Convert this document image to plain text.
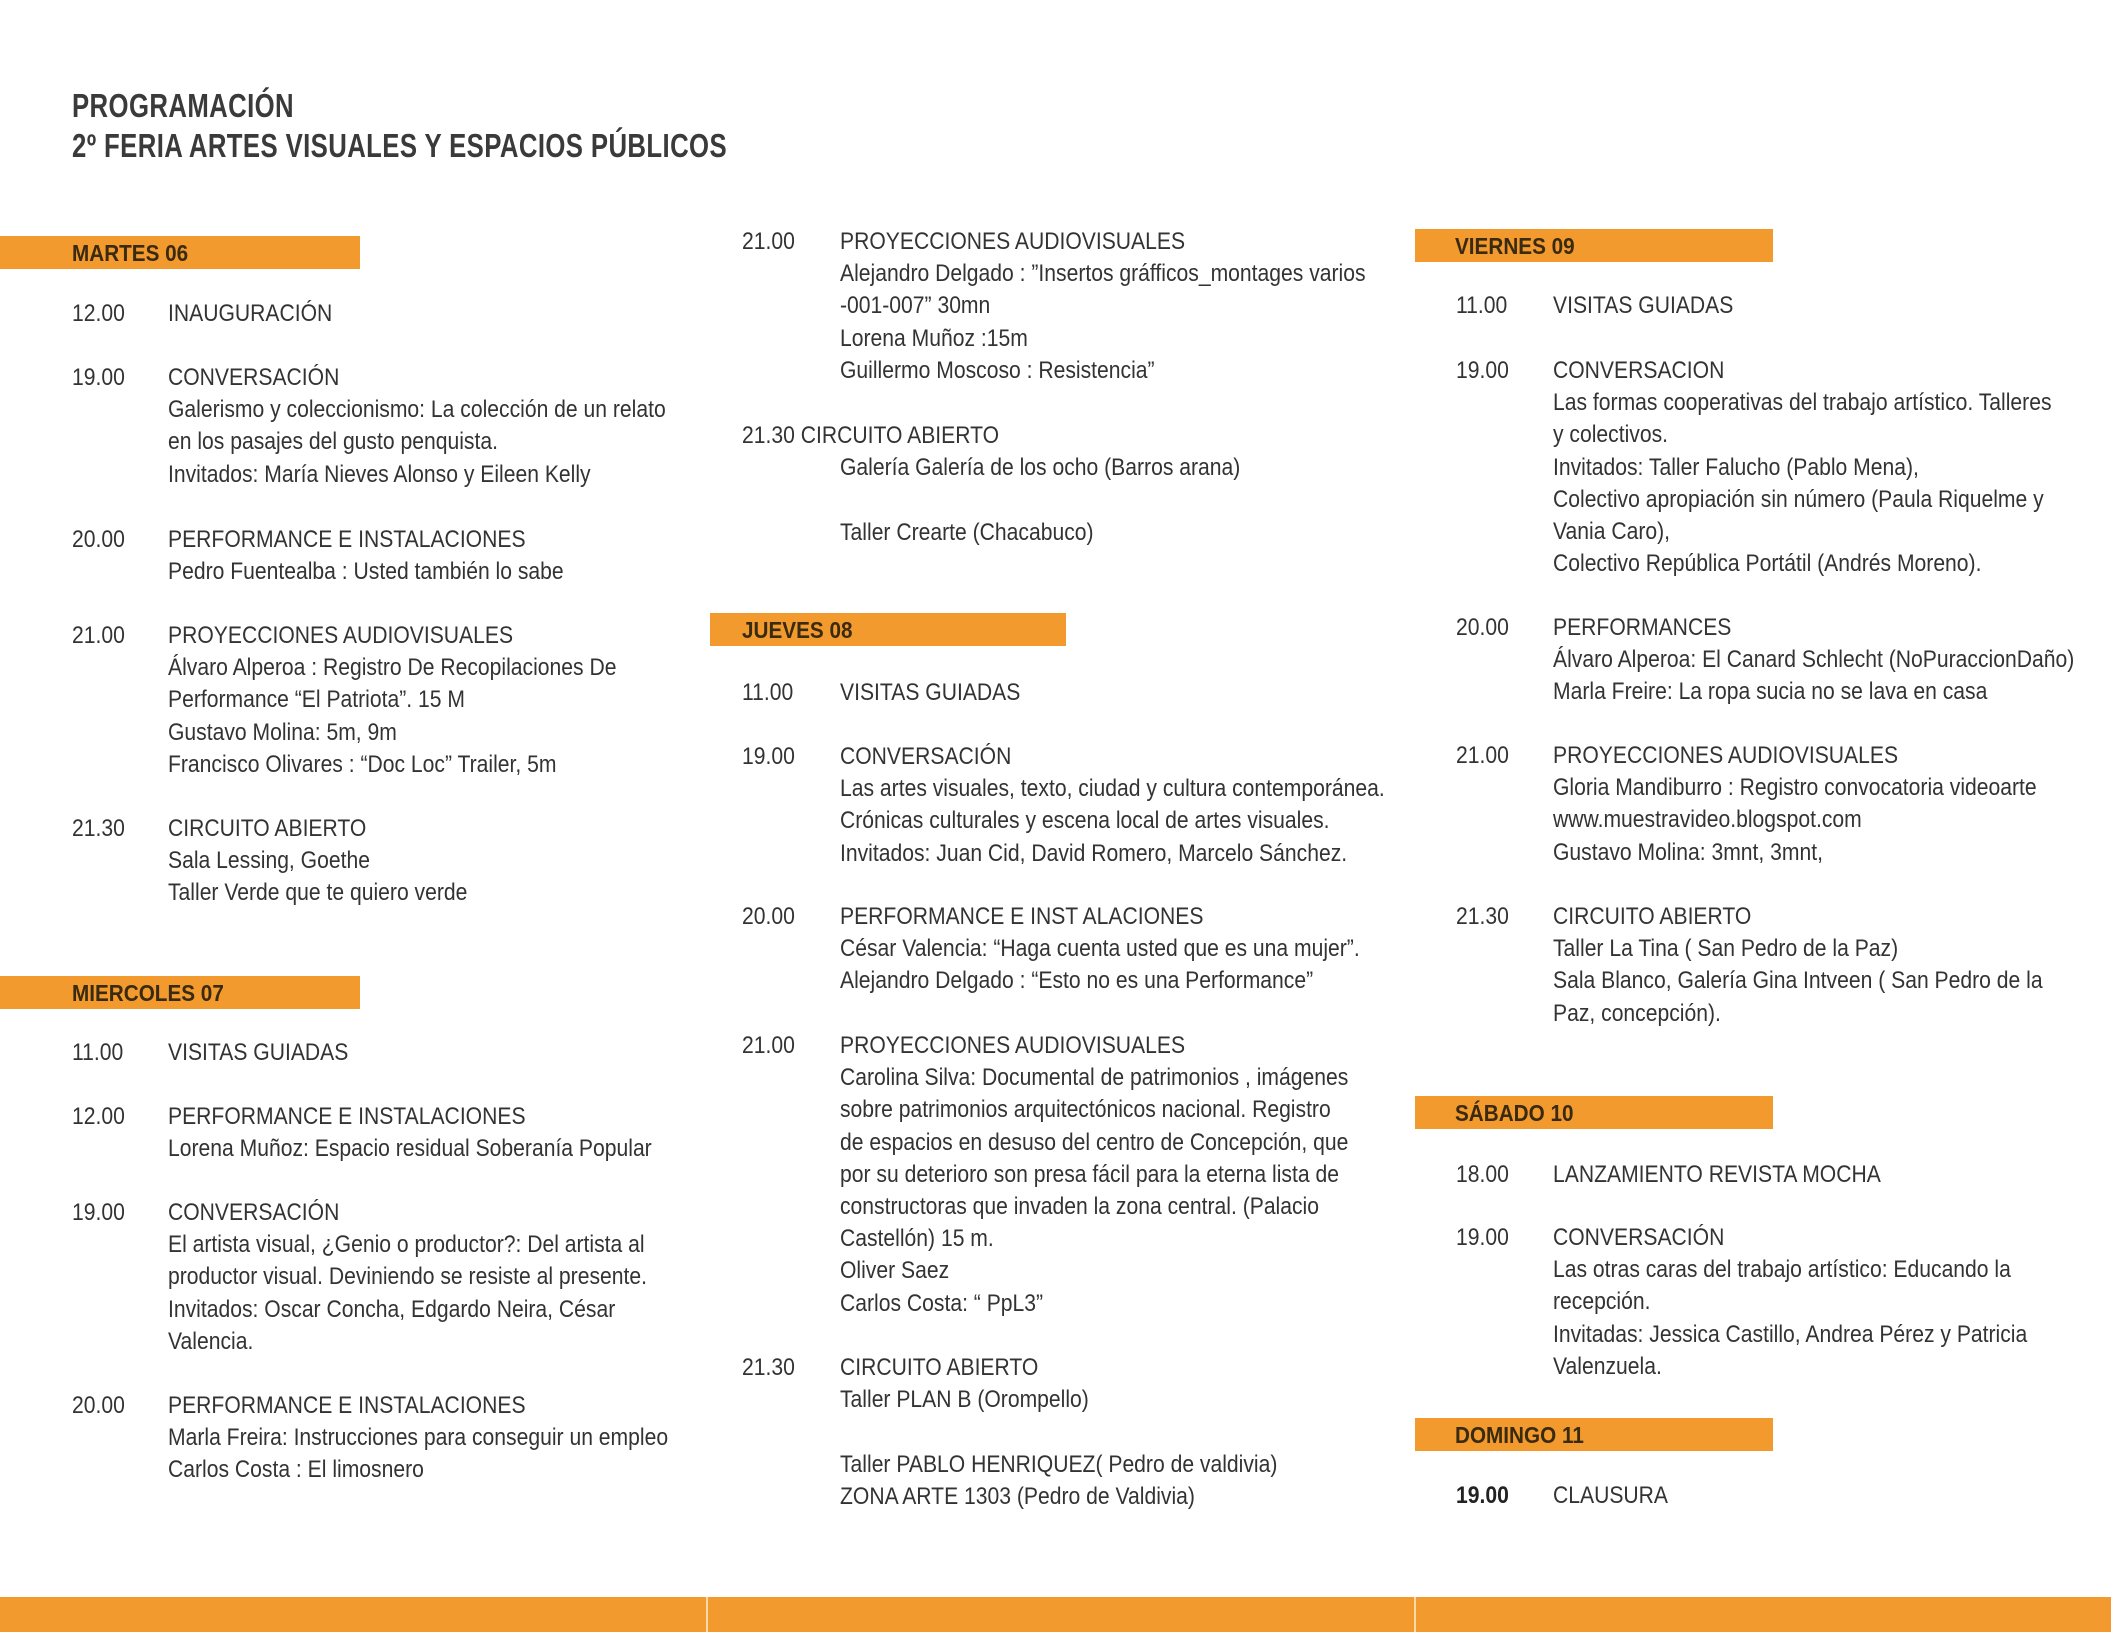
PROGRAMACIÓN
2º FERIA ARTES VISUALES Y ESPACIOS PÚBLICOS
MARTES 06
MIERCOLES 07
JUEVES 08
VIERNES 09
SÁBADO 10
DOMINGO 11
12.00 INAUGURACIÓN
19.00 CONVERSACIÓN
Galerismo y coleccionismo: La colección de un relato
en los pasajes del gusto penquista.
Invitados: María Nieves Alonso y Eileen Kelly
20.00 PERFORMANCE E INSTALACIONES
Pedro Fuentealba : Usted también lo sabe
21.00 PROYECCIONES AUDIOVISUALES
Álvaro Alperoa : Registro De Recopilaciones De
Performance “El Patriota”. 15 M
Gustavo Molina: 5m, 9m
Francisco Olivares : “Doc Loc” Trailer, 5m
21.30 CIRCUITO ABIERTO
Sala Lessing, Goethe
Taller Verde que te quiero verde
11.00 VISITAS GUIADAS
12.00 PERFORMANCE E INSTALACIONES
Lorena Muñoz: Espacio residual Soberanía Popular
19.00 CONVERSACIÓN
El artista visual, ¿Genio o productor?: Del artista al
productor visual. Deviniendo se resiste al presente.
Invitados: Oscar Concha, Edgardo Neira, César
Valencia.
20.00 PERFORMANCE E INSTALACIONES
Marla Freira: Instrucciones para conseguir un empleo
Carlos Costa : El limosnero
21.00 PROYECCIONES AUDIOVISUALES
Alejandro Delgado : ”Insertos gráfficos_montages varios
-001-007” 30mn
Lorena Muñoz :15m
Guillermo Moscoso : Resistencia”
21.30 CIRCUITO ABIERTO
Galería Galería de los ocho (Barros arana)
Taller Crearte (Chacabuco)
11.00 VISITAS GUIADAS
19.00 CONVERSACIÓN
Las artes visuales, texto, ciudad y cultura contemporánea.
Crónicas culturales y escena local de artes visuales.
Invitados: Juan Cid, David Romero, Marcelo Sánchez.
20.00 PERFORMANCE E INST ALACIONES
César Valencia: “Haga cuenta usted que es una mujer”.
Alejandro Delgado : “Esto no es una Performance”
21.00 PROYECCIONES AUDIOVISUALES
Carolina Silva: Documental de patrimonios , imágenes
sobre patrimonios arquitectónicos nacional. Registro
de espacios en desuso del centro de Concepción, que
por su deterioro son presa fácil para la eterna lista de
constructoras que invaden la zona central. (Palacio
Castellón) 15 m.
Oliver Saez
Carlos Costa: “ PpL3”
21.30 CIRCUITO ABIERTO
Taller PLAN B (Orompello)
Taller PABLO HENRIQUEZ( Pedro de valdivia)
ZONA ARTE 1303 (Pedro de Valdivia)
11.00 VISITAS GUIADAS
19.00 CONVERSACION
Las formas cooperativas del trabajo artístico. Talleres
y colectivos.
Invitados: Taller Falucho (Pablo Mena),
Colectivo apropiación sin número (Paula Riquelme y
Vania Caro),
Colectivo República Portátil (Andrés Moreno).
20.00 PERFORMANCES
Álvaro Alperoa: El Canard Schlecht (NoPuraccionDaño)
Marla Freire: La ropa sucia no se lava en casa
21.00 PROYECCIONES AUDIOVISUALES
Gloria Mandiburro : Registro convocatoria videoarte
www.muestravideo.blogspot.com
Gustavo Molina: 3mnt, 3mnt,
21.30 CIRCUITO ABIERTO
Taller La Tina ( San Pedro de la Paz)
Sala Blanco, Galería Gina Intveen ( San Pedro de la
Paz, concepción).
18.00 LANZAMIENTO REVISTA MOCHA
19.00 CONVERSACIÓN
Las otras caras del trabajo artístico: Educando la
recepción.
Invitadas: Jessica Castillo, Andrea Pérez y Patricia
Valenzuela.
19.00 CLAUSURA
